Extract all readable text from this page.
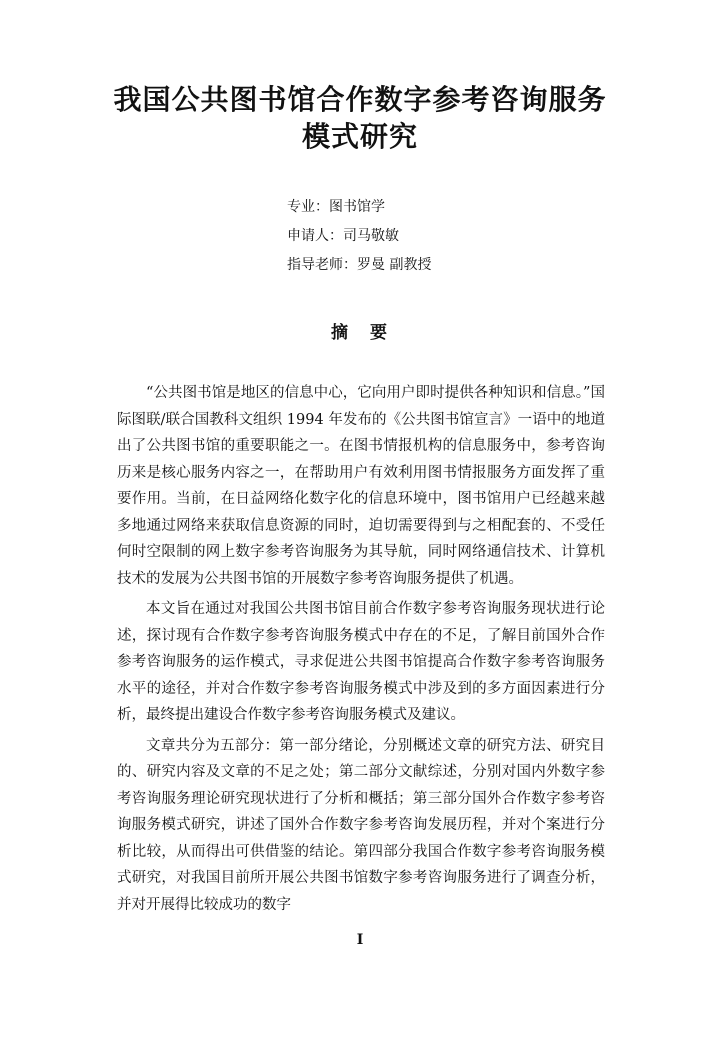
我国公共图书馆合作数字参考咨询服务
模式研究
专业：图书馆学
申请人：司马敬敏
指导老师：罗曼 副教授
摘 要

“公共图书馆是地区的信息中心，它向用户即时提供各种知识和信息。”国际图联/联合国教科文组织 1994 年发布的《公共图书馆宣言》一语中的地道出了公共图书馆的重要职能之一。在图书情报机构的信息服务中，参考咨询历来是核心服务内容之一，在帮助用户有效利用图书情报服务方面发挥了重要作用。当前，在日益网络化数字化的信息环境中，图书馆用户已经越来越多地通过网络来获取信息资源的同时，迫切需要得到与之相配套的、不受任何时空限制的网上数字参考咨询服务为其导航，同时网络通信技术、计算机技术的发展为公共图书馆的开展数字参考咨询服务提供了机遇。

本文旨在通过对我国公共图书馆目前合作数字参考咨询服务现状进行论述，探讨现有合作数字参考咨询服务模式中存在的不足，了解目前国外合作参考咨询服务的运作模式，寻求促进公共图书馆提高合作数字参考咨询服务水平的途径，并对合作数字参考咨询服务模式中涉及到的多方面因素进行分析，最终提出建设合作数字参考咨询服务模式及建议。

文章共分为五部分：第一部分绪论，分别概述文章的研究方法、研究目的、研究内容及文章的不足之处；第二部分文献综述，分别对国内外数字参考咨询服务理论研究现状进行了分析和概括；第三部分国外合作数字参考咨询服务模式研究，讲述了国外合作数字参考咨询发展历程，并对个案进行分析比较，从而得出可供借鉴的结论。第四部分我国合作数字参考咨询服务模式研究，对我国目前所开展公共图书馆数字参考咨询服务进行了调查分析，并对开展得比较成功的数字

I
